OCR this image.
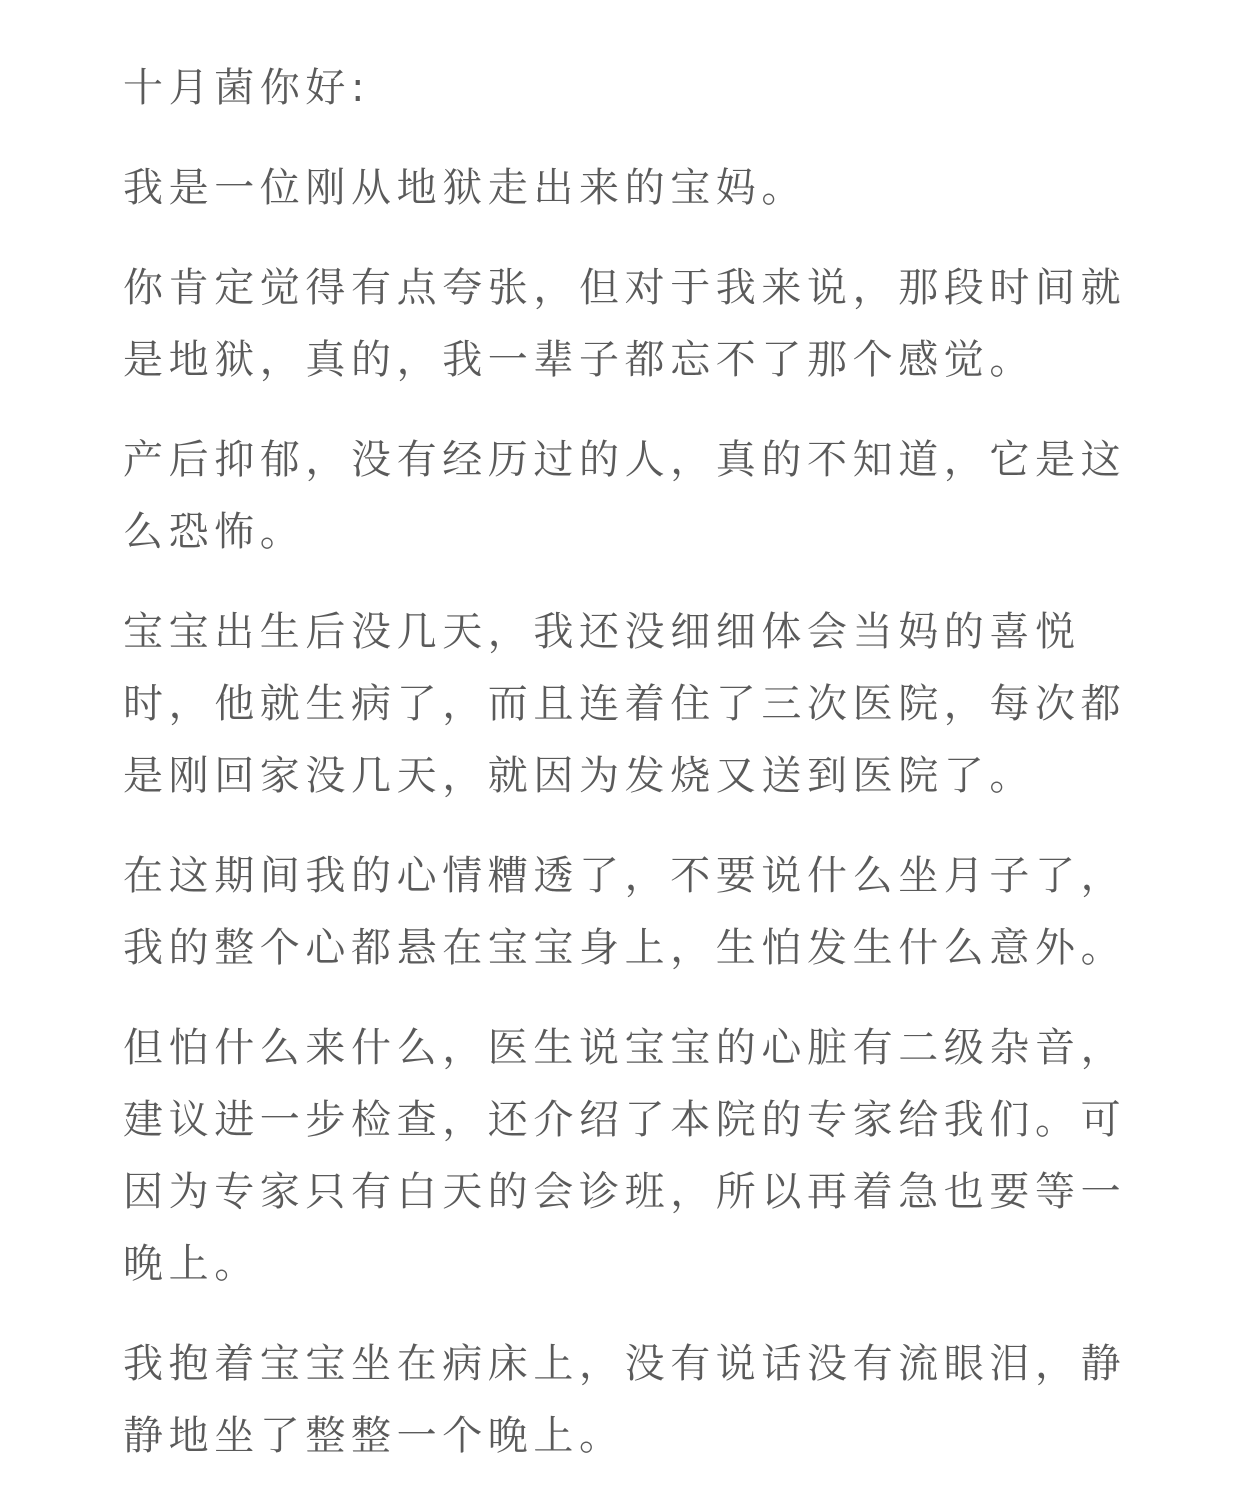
十月菌你好:
我是一位刚从地狱走出来的宝妈。
你肯定觉得有点夸张，但对于我来说，那段时间就
是地狱，真的，我一辈子都忘不了那个感觉。
产后抑郁，没有经历过的人，真的不知道，它是这
么恐怖。
宝宝出生后没几天，我还没细细体会当妈的喜悦
时，他就生病了，而且连着住了三次医院，每次都
是刚回家没几天，就因为发烧又送到医院了。
在这期间我的心情糟透了，不要说什么坐月子了，
我的整个心都悬在宝宝身上，生怕发生什么意外。
但怕什么来什么，医生说宝宝的心脏有二级杂音，
建议进一步检查，还介绍了本院的专家给我们。可
因为专家只有白天的会诊班，所以再着急也要等一
晚上。
我抱着宝宝坐在病床上，没有说话没有流眼泪，静
静地坐了整整一个晚上。
